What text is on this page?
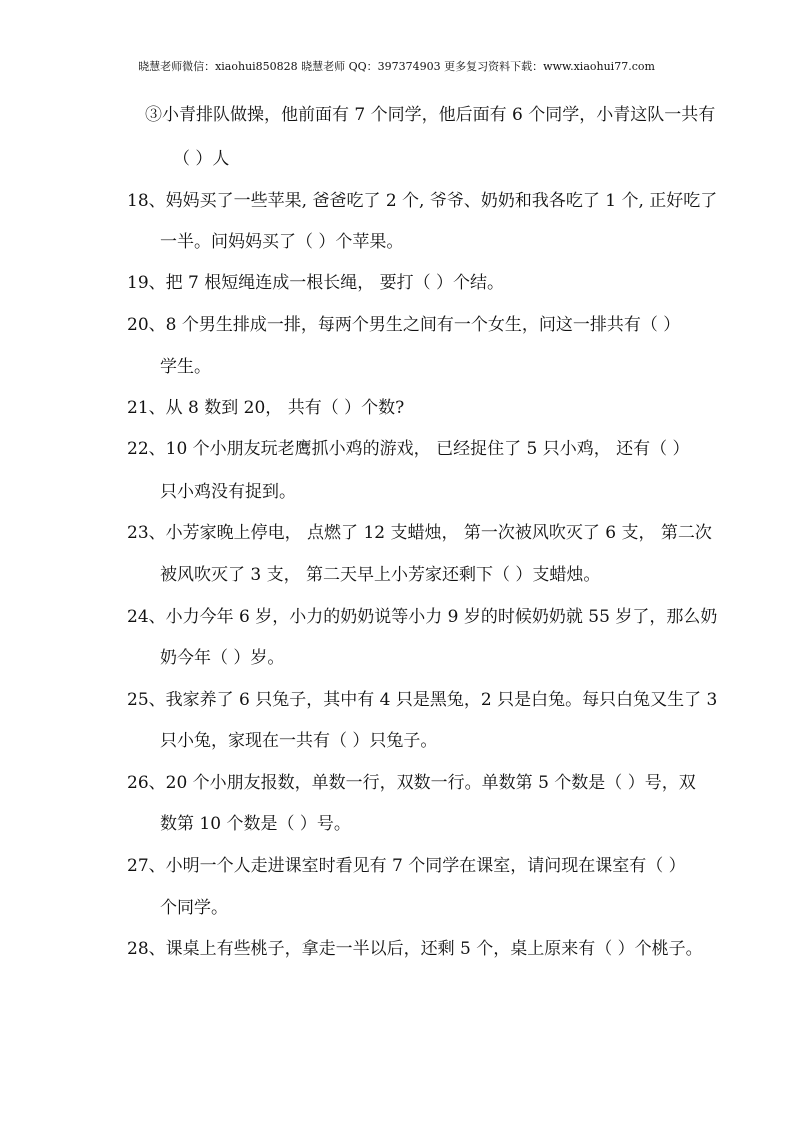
晓慧老师微信：xiaohui850828 晓慧老师 QQ：397374903 更多复习资料下载：www.xiaohui77.com
③小青排队做操，他前面有 7 个同学，他后面有 6 个同学，小青这队一共有
（ ）人
18、妈妈买了一些苹果, 爸爸吃了 2 个, 爷爷、奶奶和我各吃了 1 个, 正好吃了
一半。问妈妈买了（ ）个苹果。
19、把 7 根短绳连成一根长绳， 要打（ ）个结。
20、8 个男生排成一排，每两个男生之间有一个女生，问这一排共有（ ）
学生。
21、从 8 数到 20， 共有（ ）个数?
22、10 个小朋友玩老鹰抓小鸡的游戏， 已经捉住了 5 只小鸡， 还有（ ）
只小鸡没有捉到。
23、小芳家晚上停电， 点燃了 12 支蜡烛， 第一次被风吹灭了 6 支， 第二次
被风吹灭了 3 支， 第二天早上小芳家还剩下（ ）支蜡烛。
24、小力今年 6 岁，小力的奶奶说等小力 9 岁的时候奶奶就 55 岁了，那么奶
奶今年（ ）岁。
25、我家养了 6 只兔子，其中有 4 只是黑兔，2 只是白兔。每只白兔又生了 3
只小兔，家现在一共有（ ）只兔子。
26、20 个小朋友报数，单数一行，双数一行。单数第 5 个数是（ ）号，双
数第 10 个数是（ ）号。
27、小明一个人走进课室时看见有 7 个同学在课室，请问现在课室有（ ）
个同学。
28、课桌上有些桃子，拿走一半以后，还剩 5 个，桌上原来有（ ）个桃子。
